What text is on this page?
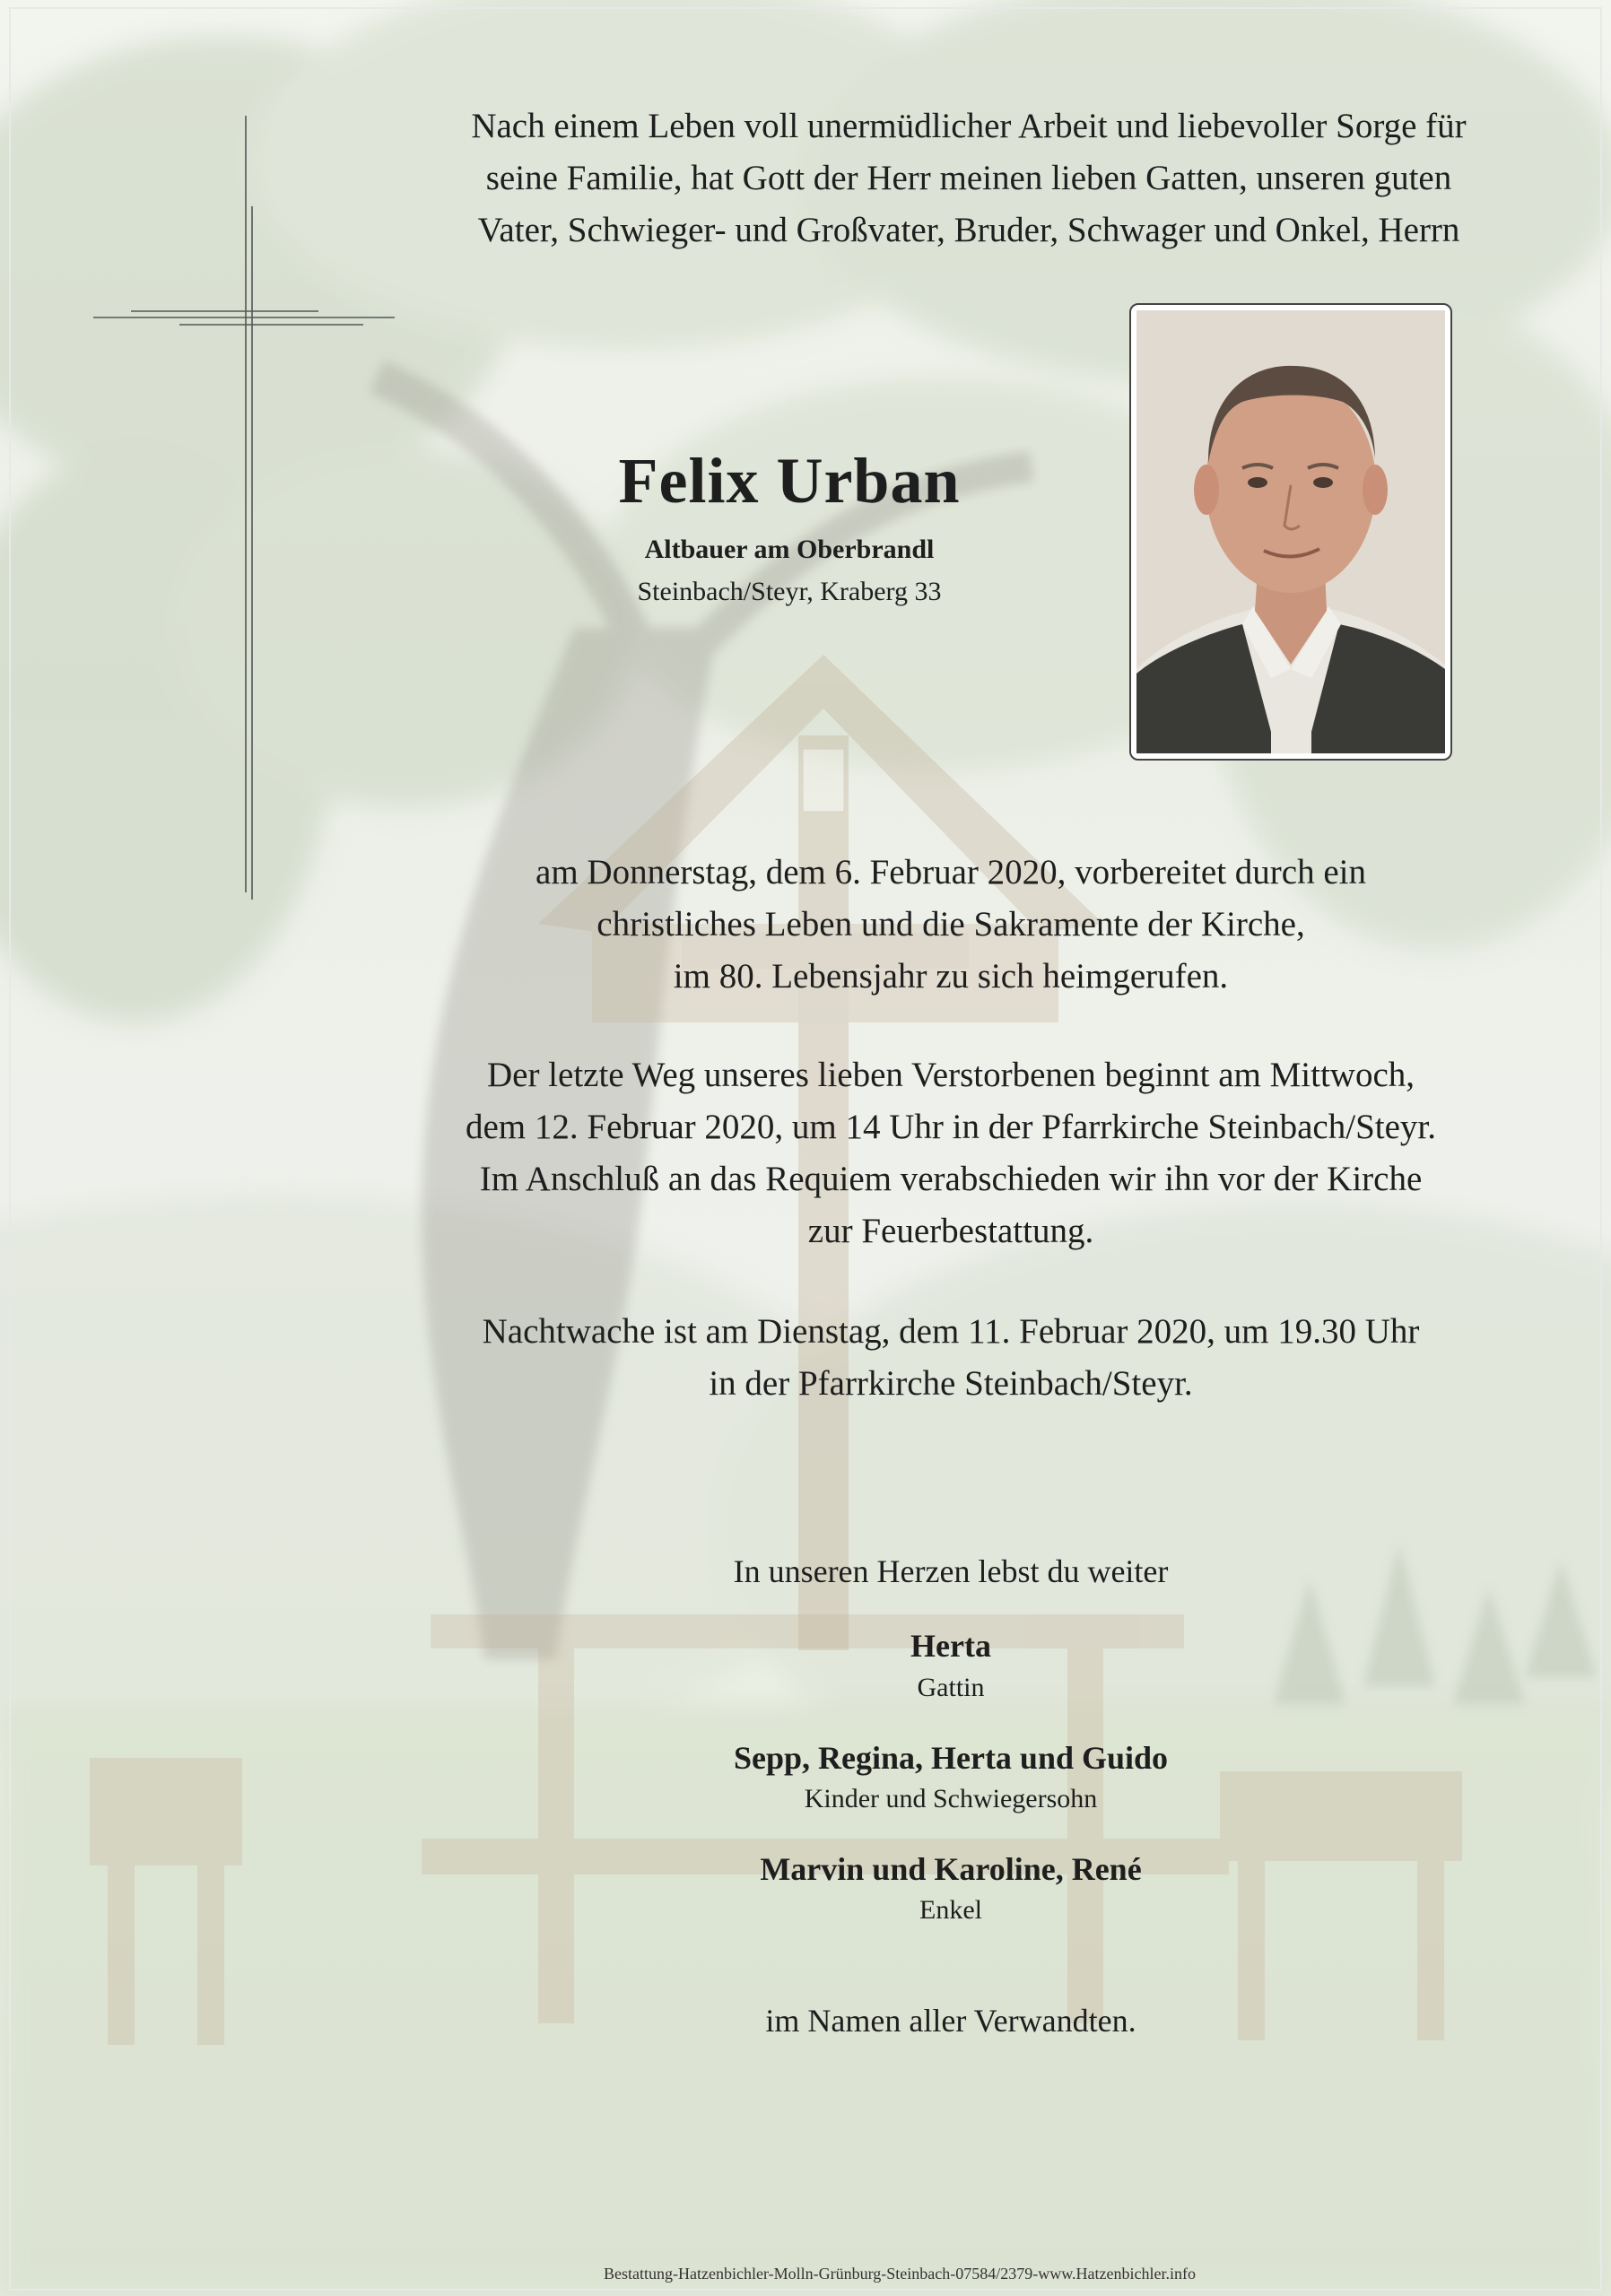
Nach einem Leben voll unermüdlicher Arbeit und liebevoller Sorge für
seine Familie, hat Gott der Herr meinen lieben Gatten, unseren guten
Vater, Schwieger- und Großvater, Bruder, Schwager und Onkel, Herrn
Felix Urban
Altbauer am Oberbrandl
Steinbach/Steyr, Kraberg 33
am Donnerstag, dem 6. Februar 2020, vorbereitet durch ein
christliches Leben und die Sakramente der Kirche,
im 80. Lebensjahr zu sich heimgerufen.
Der letzte Weg unseres lieben Verstorbenen beginnt am Mittwoch,
dem 12. Februar 2020, um 14 Uhr in der Pfarrkirche Steinbach/Steyr.
Im Anschluß an das Requiem verabschieden wir ihn vor der Kirche
zur Feuerbestattung.
Nachtwache ist am Dienstag, dem 11. Februar 2020, um 19.30 Uhr
in der Pfarrkirche Steinbach/Steyr.
In unseren Herzen lebst du weiter
Herta
Gattin
Sepp, Regina, Herta und Guido
Kinder und Schwiegersohn
Marvin und Karoline, René
Enkel
im Namen aller Verwandten.
Bestattung-Hatzenbichler-Molln-Grünburg-Steinbach-07584/2379-www.Hatzenbichler.info
